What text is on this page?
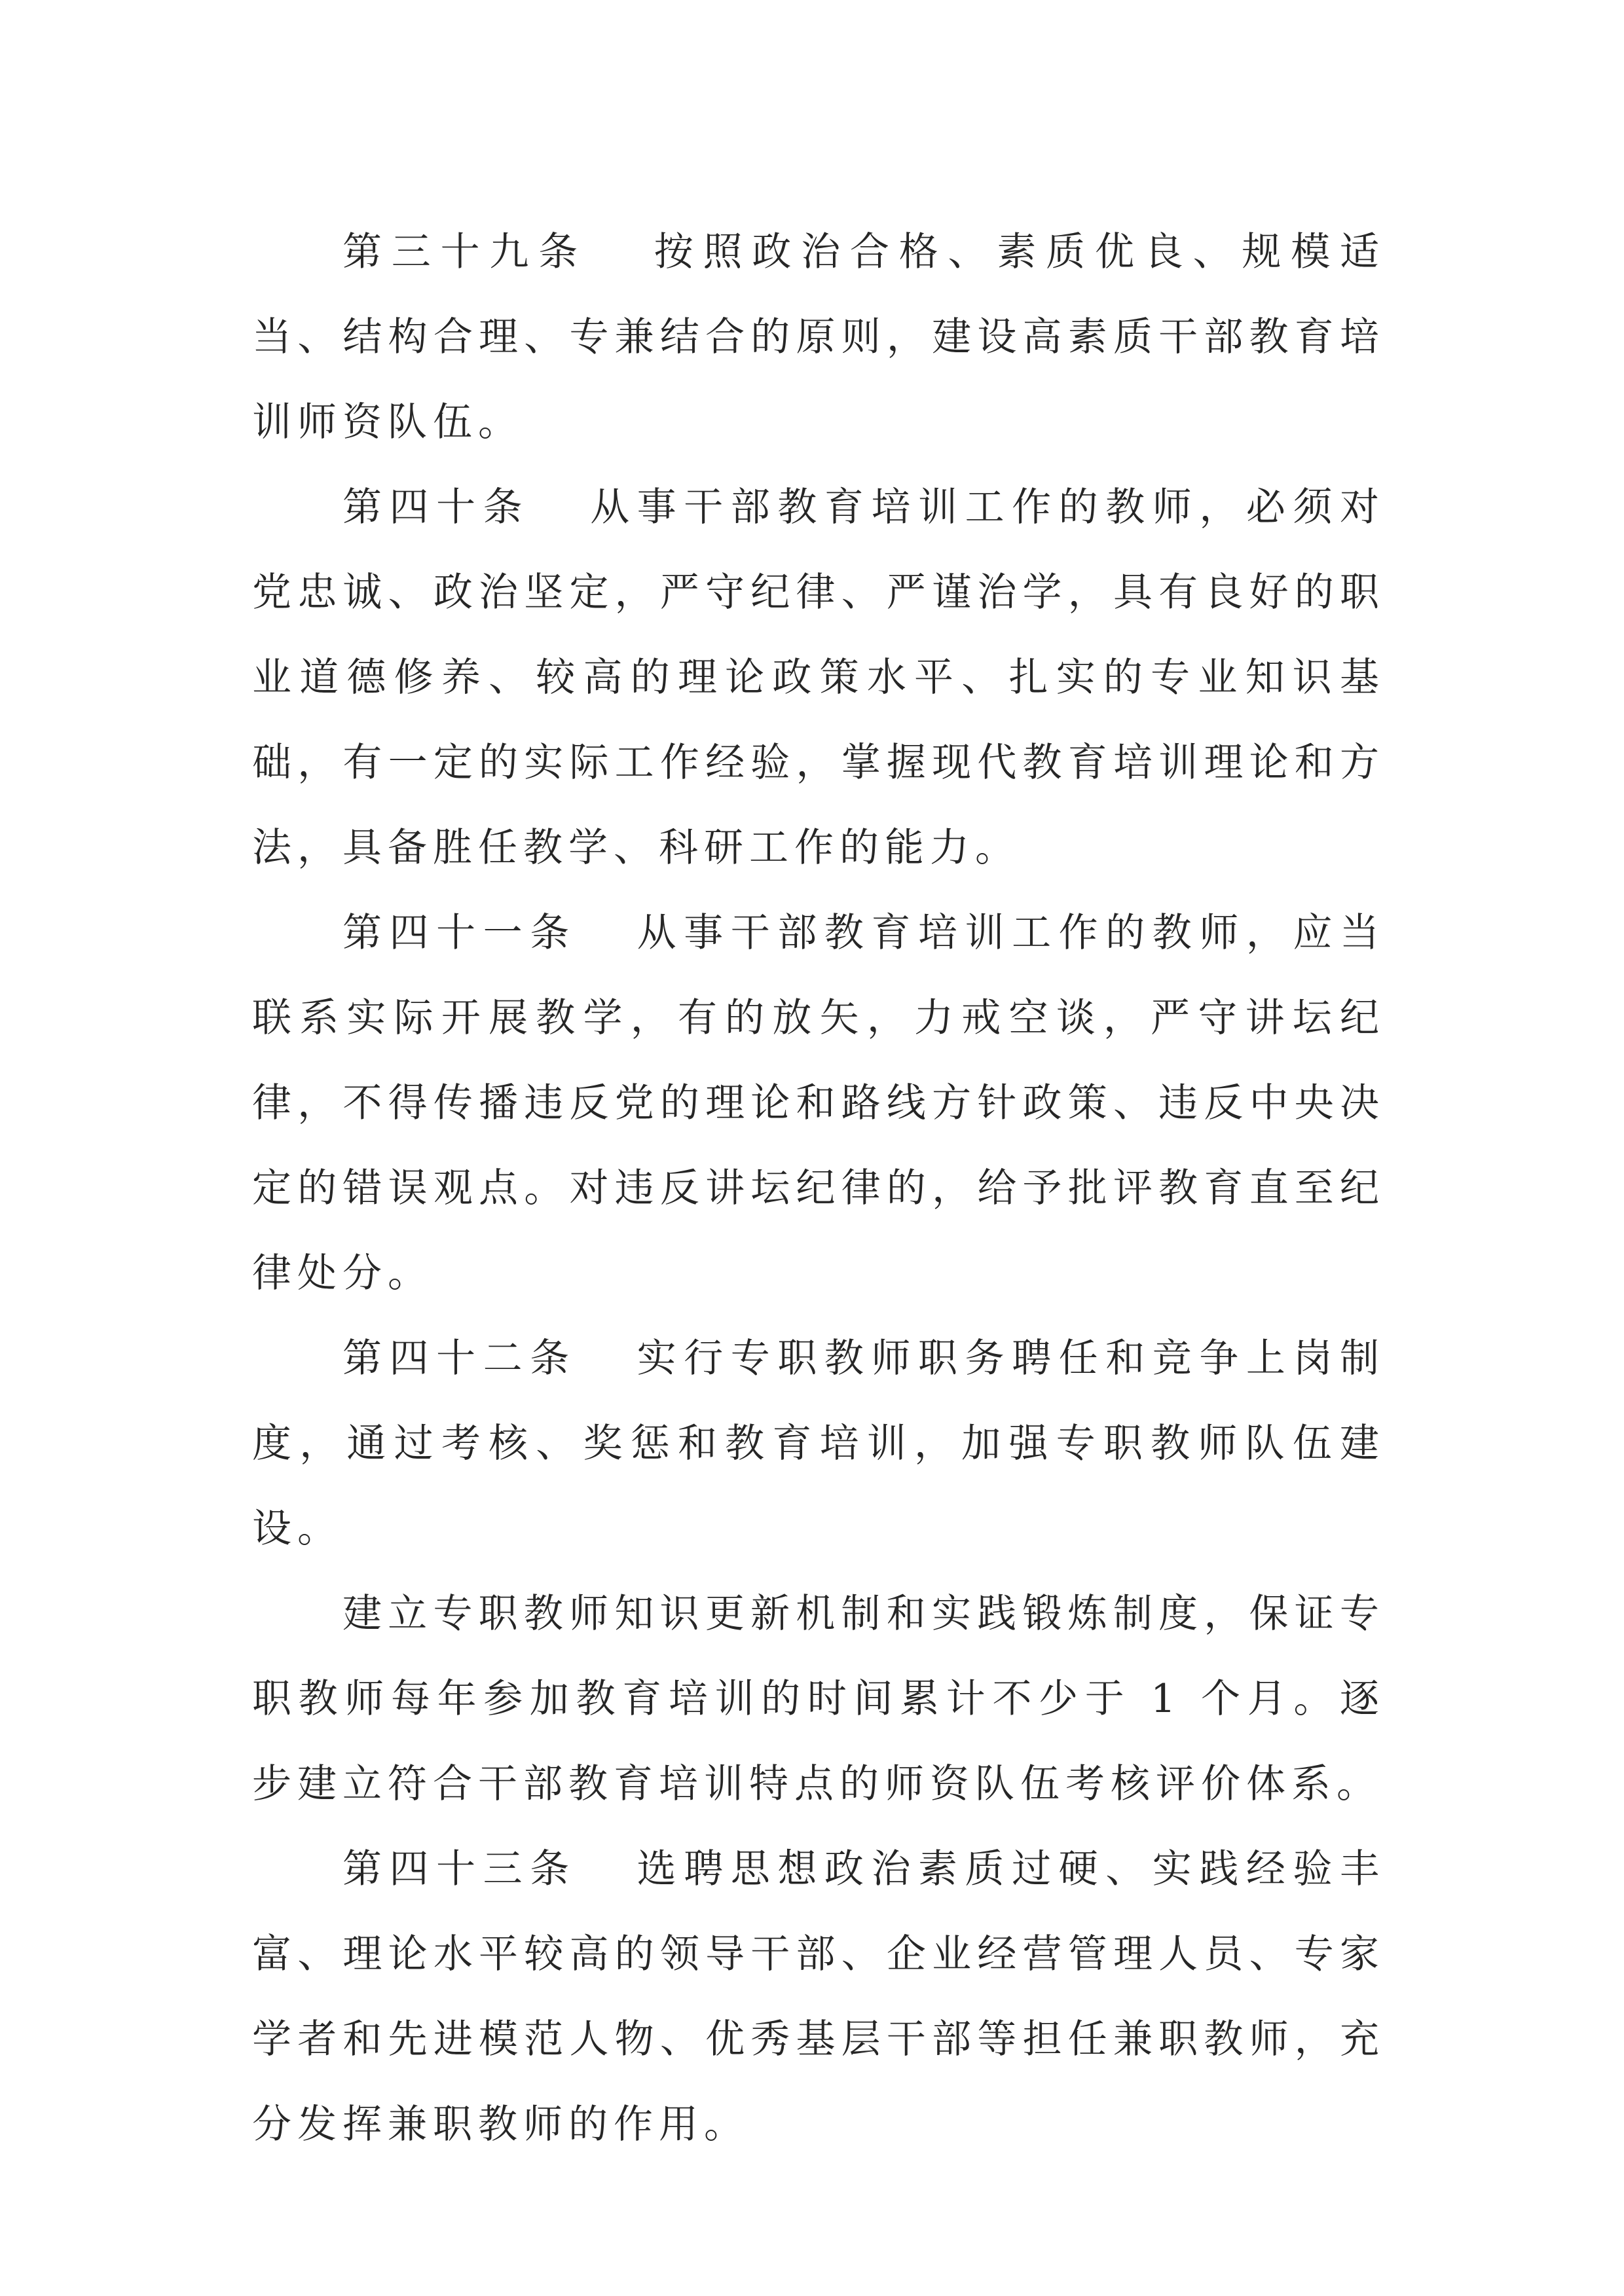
第三十九条 按照政治合格、素质优良、规模适当、结构合理、专兼结合的原则，建设高素质干部教育培训师资队伍。

第四十条 从事干部教育培训工作的教师，必须对党忠诚、政治坚定，严守纪律、严谨治学，具有良好的职业道德修养、较高的理论政策水平、扎实的专业知识基础，有一定的实际工作经验，掌握现代教育培训理论和方法，具备胜任教学、科研工作的能力。

第四十一条 从事干部教育培训工作的教师，应当联系实际开展教学，有的放矢，力戒空谈，严守讲坛纪律，不得传播违反党的理论和路线方针政策、违反中央决定的错误观点。对违反讲坛纪律的，给予批评教育直至纪律处分。

第四十二条 实行专职教师职务聘任和竞争上岗制度，通过考核、奖惩和教育培训，加强专职教师队伍建设。

建立专职教师知识更新机制和实践锻炼制度，保证专职教师每年参加教育培训的时间累计不少于 1 个月。逐步建立符合干部教育培训特点的师资队伍考核评价体系。

第四十三条 选聘思想政治素质过硬、实践经验丰富、理论水平较高的领导干部、企业经营管理人员、专家学者和先进模范人物、优秀基层干部等担任兼职教师，充分发挥兼职教师的作用。
